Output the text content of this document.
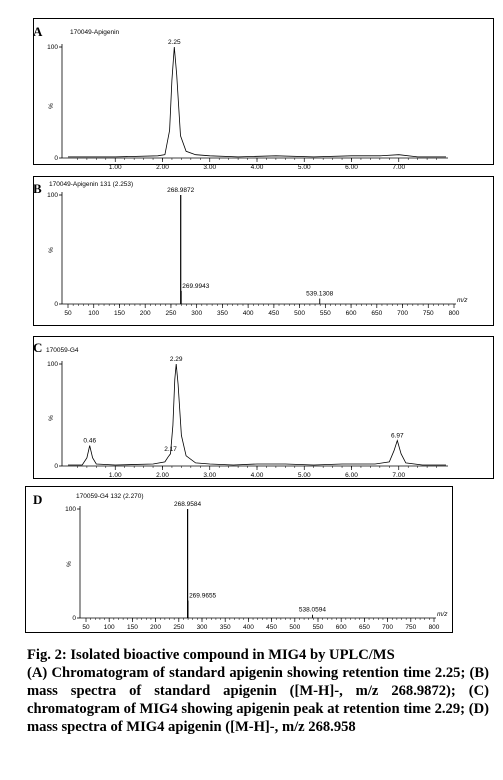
A	170049-Apigenin
100
0
%
1.00	2.00	3.00	4.00	5.00	6.00	7.00
2.25
B 170049-Apigenin 131 (2.253)
100
0
%
50	100 150 200 250 300 350 400 450 500 550 600 650 700 750 800
m/z
268.9872
269.9943
539.1308
C 170059-G4
100
0
%
1.00	2.00	3.00	4.00	5.00	6.00	7.00
0.46
2.17
2.29
6.97
D	170059-G4 132 (2.270)
100
0
%
50 100 150 200 250 300 350 400 450 500 550 600 650 700 750 800
m/z
268.9584
269.9655
538.0594

Fig. 2: Isolated bioactive compound in MIG4 by UPLC/MS

(A) Chromatogram of standard apigenin showing retention time 2.25; (B) mass spectra of standard apigenin ([M-H]-, m/z 268.9872); (C) chromatogram of MIG4 showing apigenin peak at retention time 2.29; (D) mass spectra of MIG4 apigenin ([M-H]-, m/z 268.958
